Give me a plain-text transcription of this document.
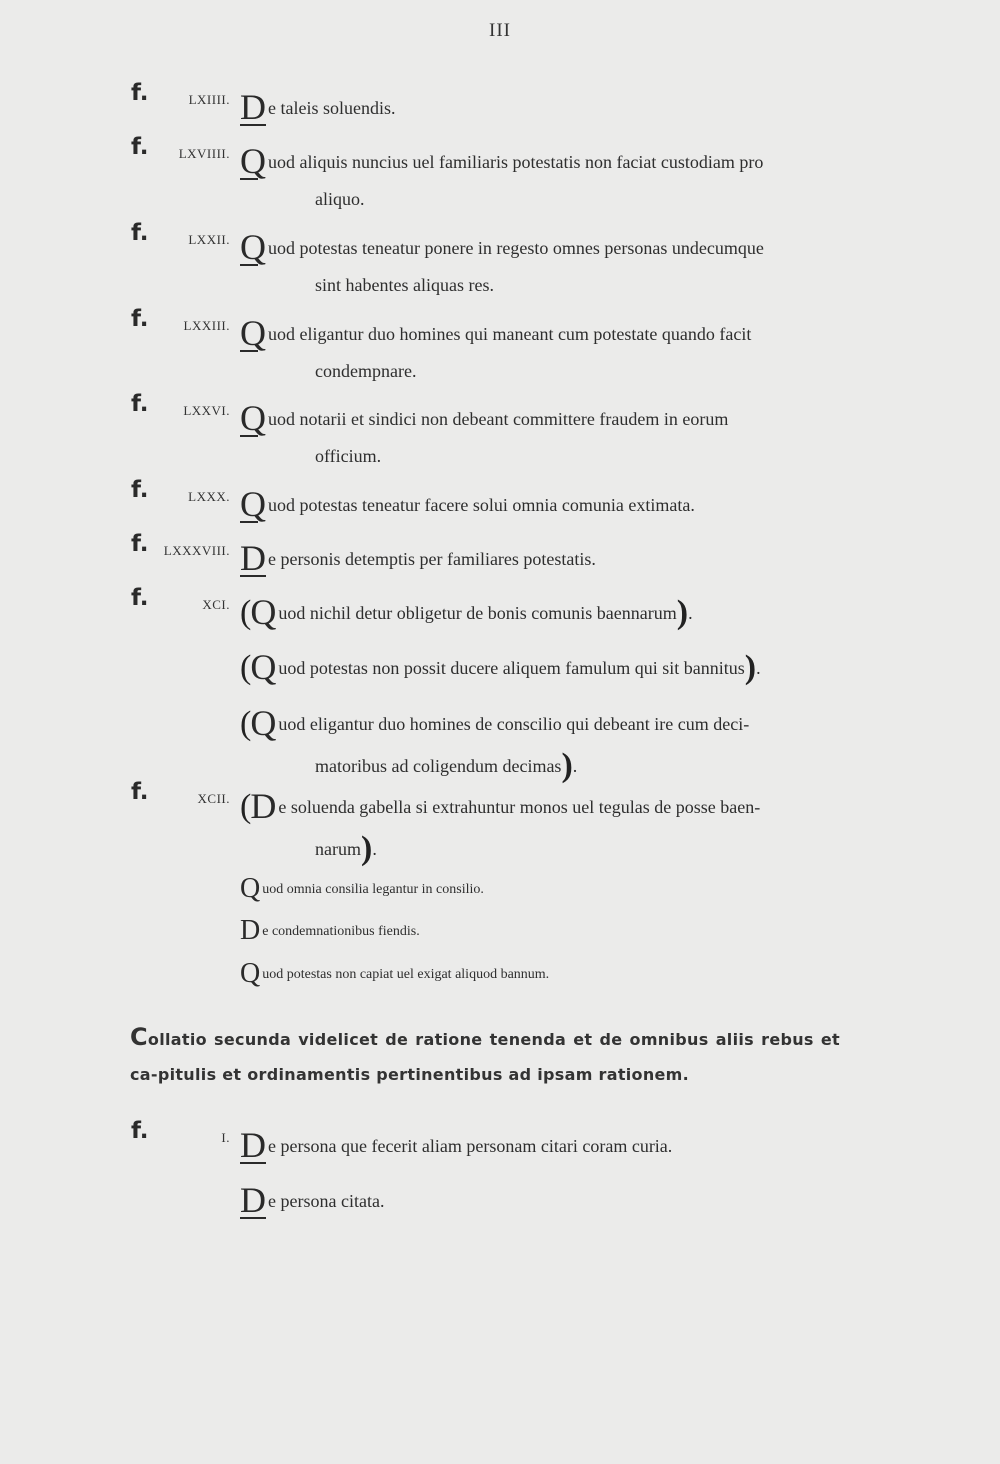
III
f.	LXIIII. De taleis soluendis.
f. LXVIIII. Quod aliquis nuncius uel familiaris potestatis non faciat custodiam pro
aliquo.
f.	LXXII. Quod potestas teneatur ponere in regesto omnes personas undecumque
sint habentes aliquas res.
f.	LXXIII. Quod eligantur duo homines qui maneant cum potestate quando facit
condempnare.
f.	LXXVI. Quod notarii et sindici non debeant committere fraudem in eorum
officium.
f.	LXXX. Quod potestas teneatur facere solui omnia comunia extimata.
f. LXXXVIII. De personis detemptis per familiares potestatis.
f.	XCI. (Q uod nichil detur obligetur de bonis comunis baennarum).
(Q uod potestas non possit ducere aliquem famulum qui sit bannitus).
(Q uod eligantur duo homines de conscilio qui debeant ire cum deci-
matoribus ad coligendum decimas).
f.	XCII. (D e soluenda gabella si extrahuntur monos uel tegulas de posse baen-
narum).
Quod omnia consilia legantur in consilio.
De condemnationibus fiendis.
Quod potestas non capiat uel exigat aliquod bannum.
Collatio secunda videlicet de ratione tenenda et de omnibus aliis rebus et ca-pitulis et ordinamentis pertinentibus ad ipsam rationem.
f.	I. De persona que fecerit aliam personam citari coram curia.
De persona citata.
